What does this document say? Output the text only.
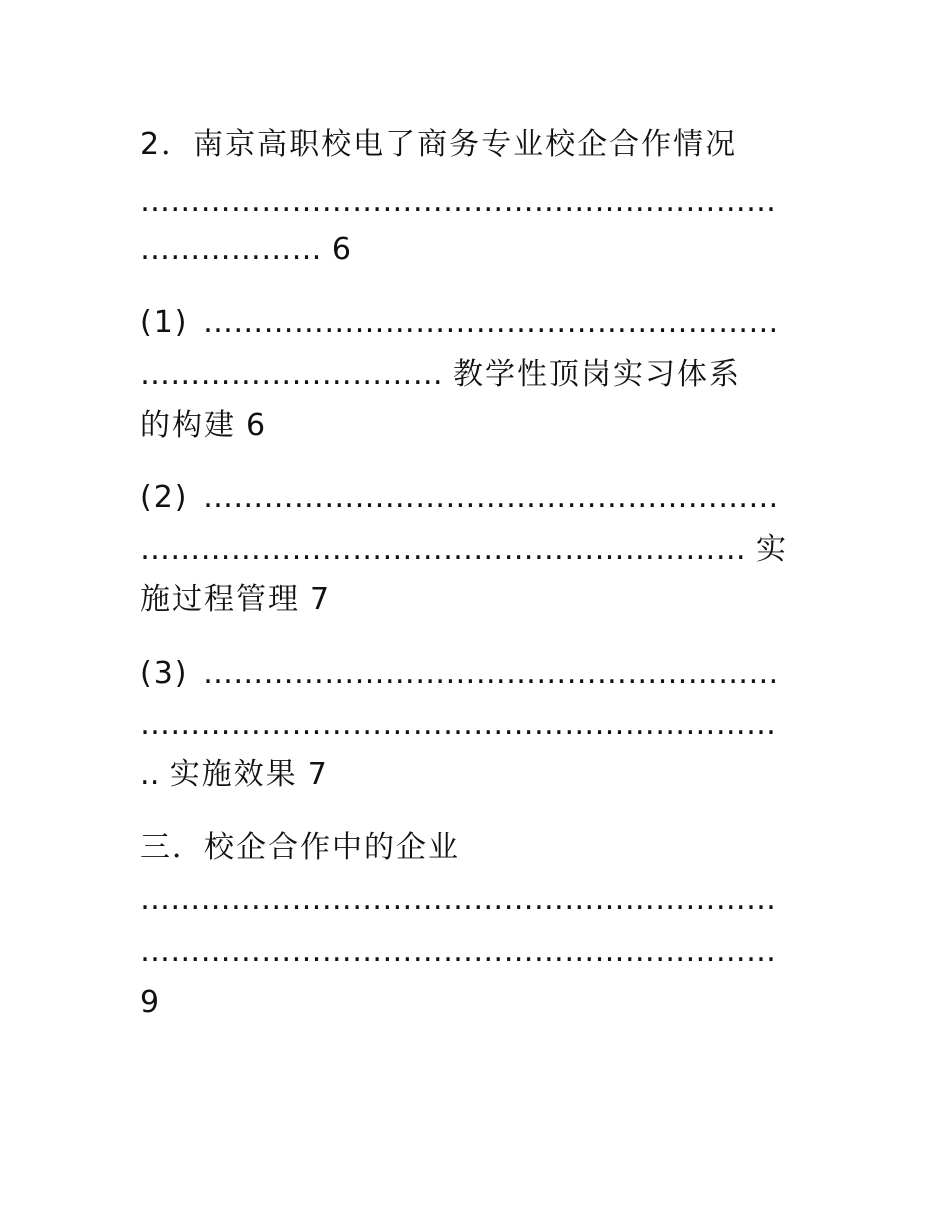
2．南京高职校电了商务专业校企合作情况
………………………………………………………
……………… 6
(1) …………………………………………………
………………………… 教学性顶岗实习体系
的构建 6
(2) …………………………………………………
…………………………………………………… 实
施过程管理 7
(3) …………………………………………………
………………………………………………………
.. 实施效果 7
三．校企合作中的企业
………………………………………………………
………………………………………………………
9
